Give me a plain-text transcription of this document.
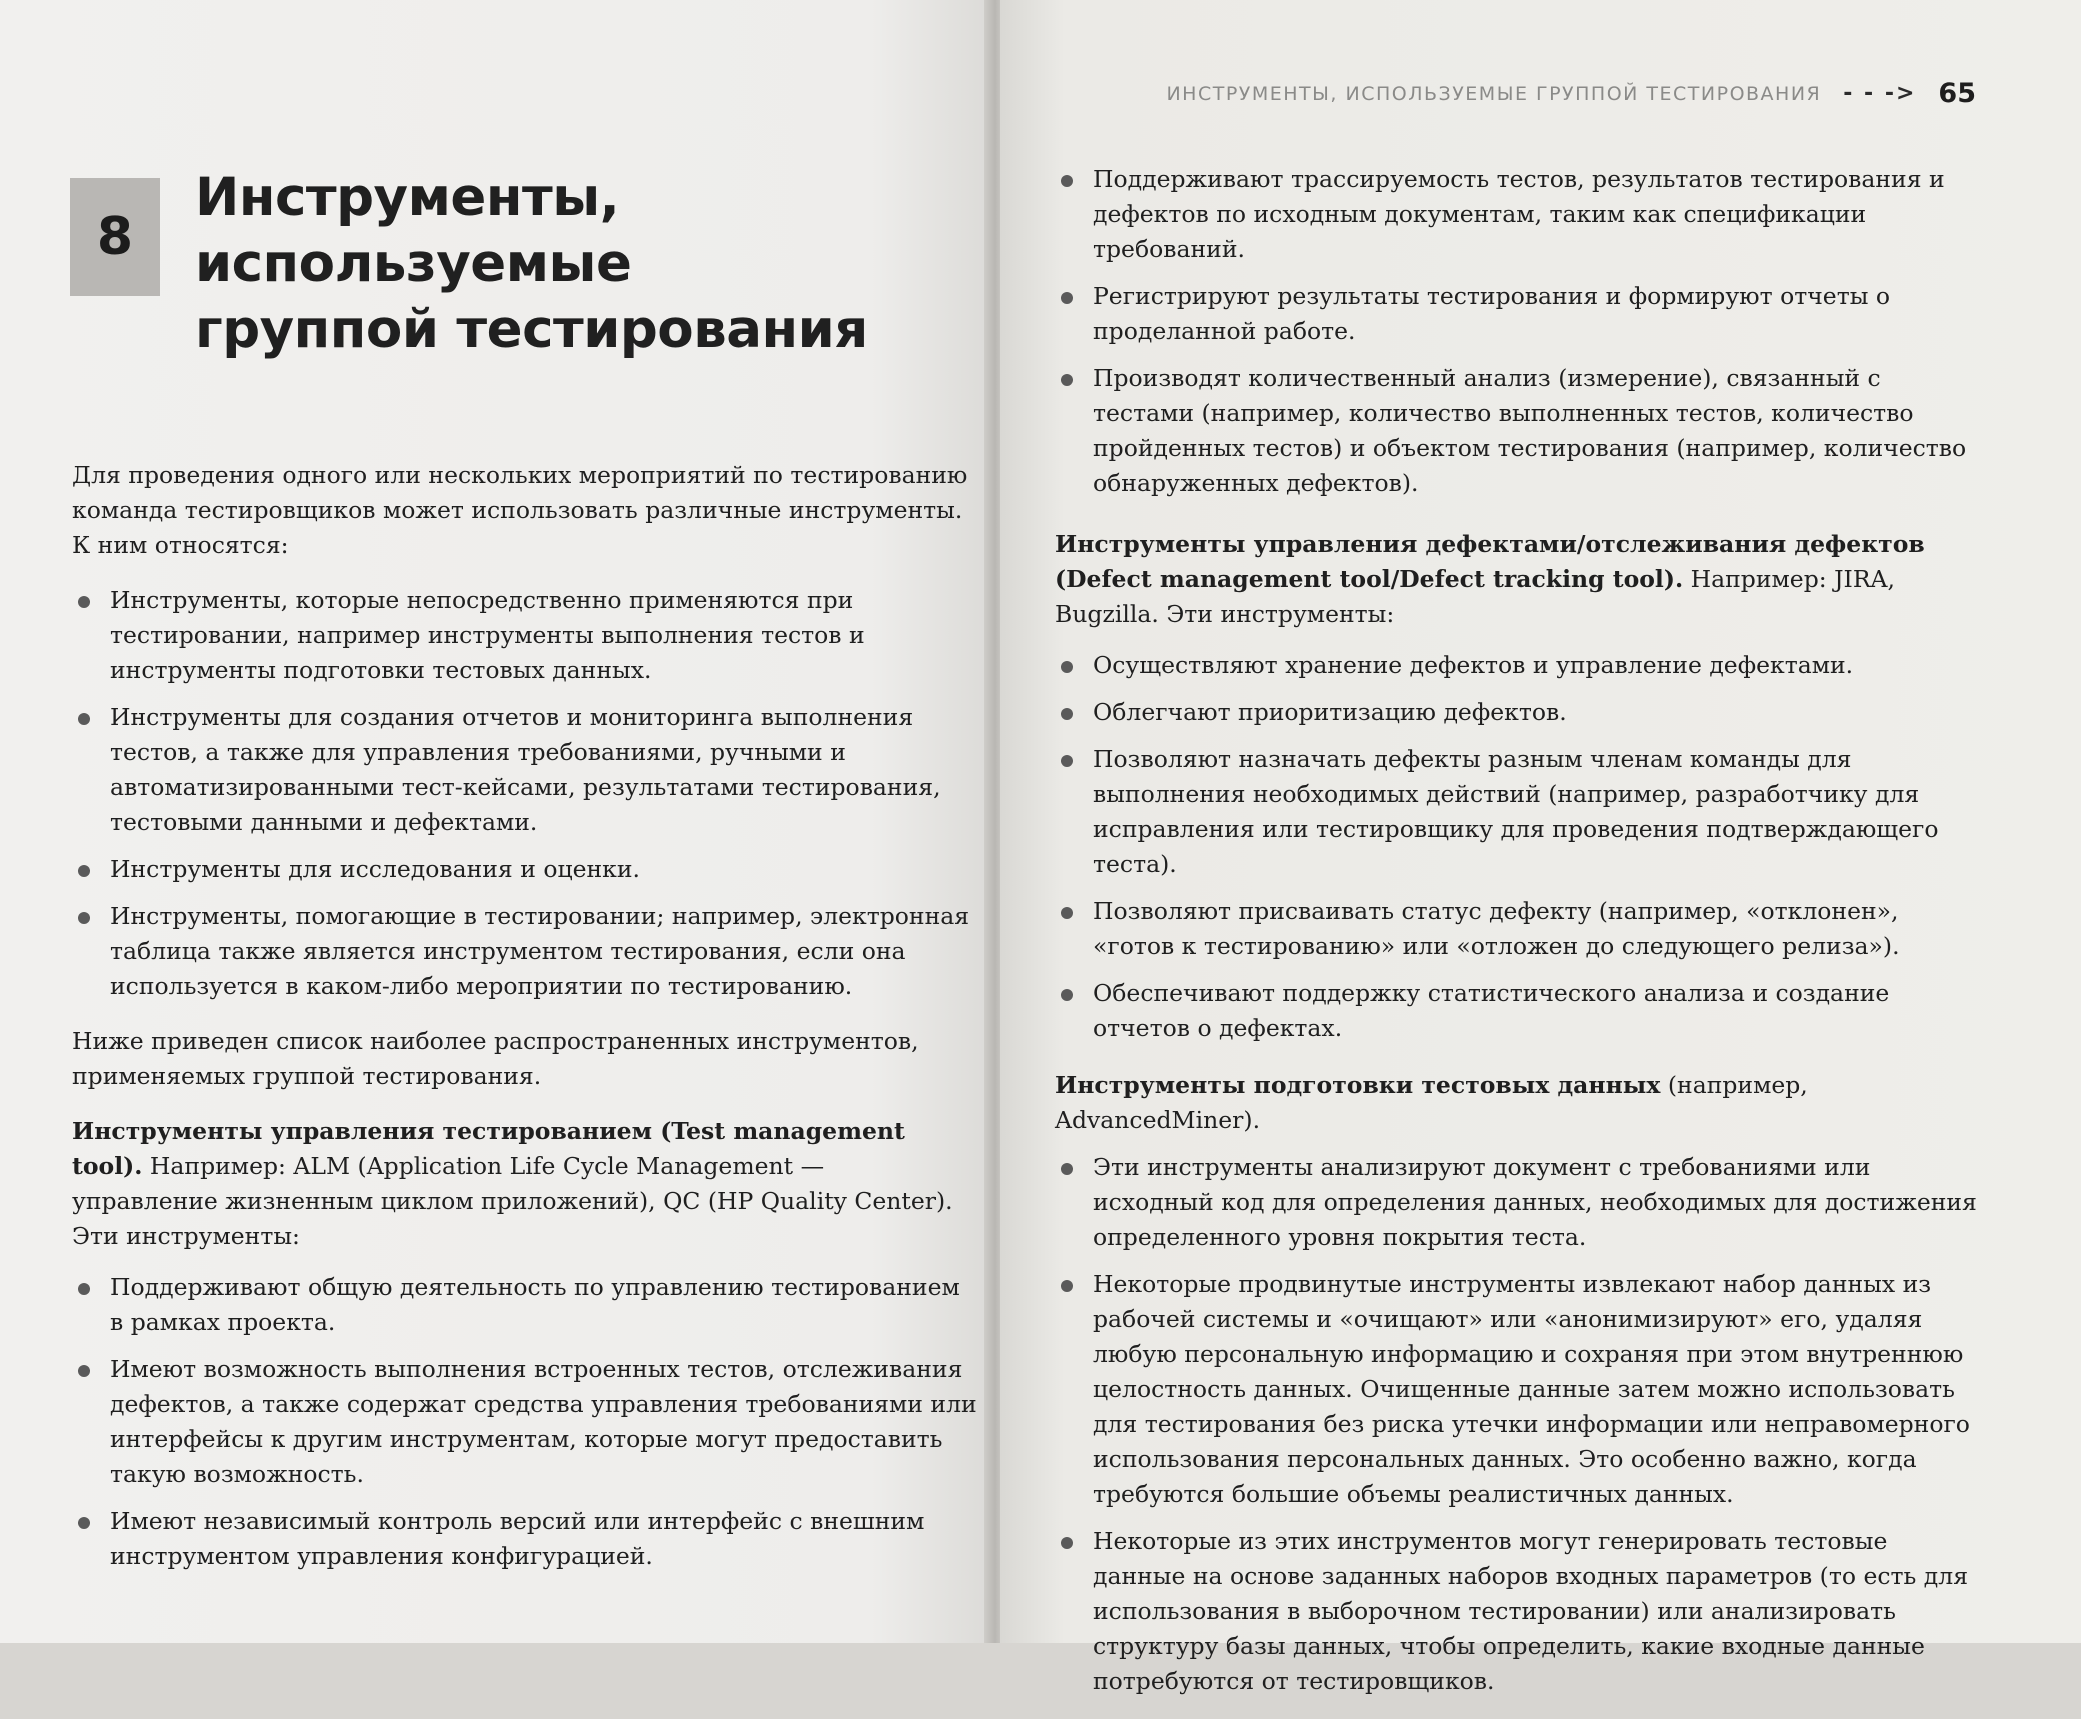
8
Инструменты, используемые
группой тестирования

Для проведения одного или нескольких мероприятий по тестированию команда тестировщиков может использовать различные инструменты. К ним относятся:

Инструменты, которые непосредственно применяются при тестировании, например инструменты выполнения тестов и инструменты подготовки тестовых данных.
Инструменты для создания отчетов и мониторинга выполнения тестов, а также для управления требованиями, ручными и автоматизированными тест-кейсами, результатами тестирования, тестовыми данными и дефектами.
Инструменты для исследования и оценки.
Инструменты, помогающие в тестировании; например, электронная таблица также является инструментом тестирования, если она используется в каком-либо мероприятии по тестированию.

Ниже приведен список наиболее распространенных инструментов, применяемых группой тестирования.

Инструменты управления тестированием (Test management tool). Например: ALM (Application Life Cycle Management — управление жизненным циклом приложений), QC (HP Quality Center). Эти инструменты:

Поддерживают общую деятельность по управлению тестированием в рамках проекта.
Имеют возможность выполнения встроенных тестов, отслеживания дефектов, а также содержат средства управления требованиями или интерфейсы к другим инструментам, которые могут предоставить такую возможность.
Имеют независимый контроль версий или интерфейс с внешним инструментом управления конфигурацией.
ИНСТРУМЕНТЫ, ИСПОЛЬЗУЕМЫЕ ГРУППОЙ ТЕСТИРОВАНИЯ - - -> 65
Поддерживают трассируемость тестов, результатов тестирования и дефектов по исходным документам, таким как спецификации требований.
Регистрируют результаты тестирования и формируют отчеты о проделанной работе.
Производят количественный анализ (измерение), связанный с тестами (например, количество выполненных тестов, количество пройденных тестов) и объектом тестирования (например, количество обнаруженных дефектов).

Инструменты управления дефектами/отслеживания дефектов (Defect management tool/Defect tracking tool). Например: JIRA, Bugzilla. Эти инструменты:

Осуществляют хранение дефектов и управление дефектами.
Облегчают приоритизацию дефектов.
Позволяют назначать дефекты разным членам команды для выполнения необходимых действий (например, разработчику для исправления или тестировщику для проведения подтверждающего теста).
Позволяют присваивать статус дефекту (например, «отклонен», «готов к тестированию» или «отложен до следующего релиза»).
Обеспечивают поддержку статистического анализа и создание отчетов о дефектах.

Инструменты подготовки тестовых данных (например, AdvancedMiner).

Эти инструменты анализируют документ с требованиями или исходный код для определения данных, необходимых для достижения определенного уровня покрытия теста.
Некоторые продвинутые инструменты извлекают набор данных из рабочей системы и «очищают» или «анонимизируют» его, удаляя любую персональную информацию и сохраняя при этом внутреннюю целостность данных. Очищенные данные затем можно использовать для тестирования без риска утечки информации или неправомерного использования персональных данных. Это особенно важно, когда требуются большие объемы реалистичных данных.
Некоторые из этих инструментов могут генерировать тестовые данные на основе заданных наборов входных параметров (то есть для использования в выборочном тестировании) или анализировать структуру базы данных, чтобы определить, какие входные данные потребуются от тестировщиков.
